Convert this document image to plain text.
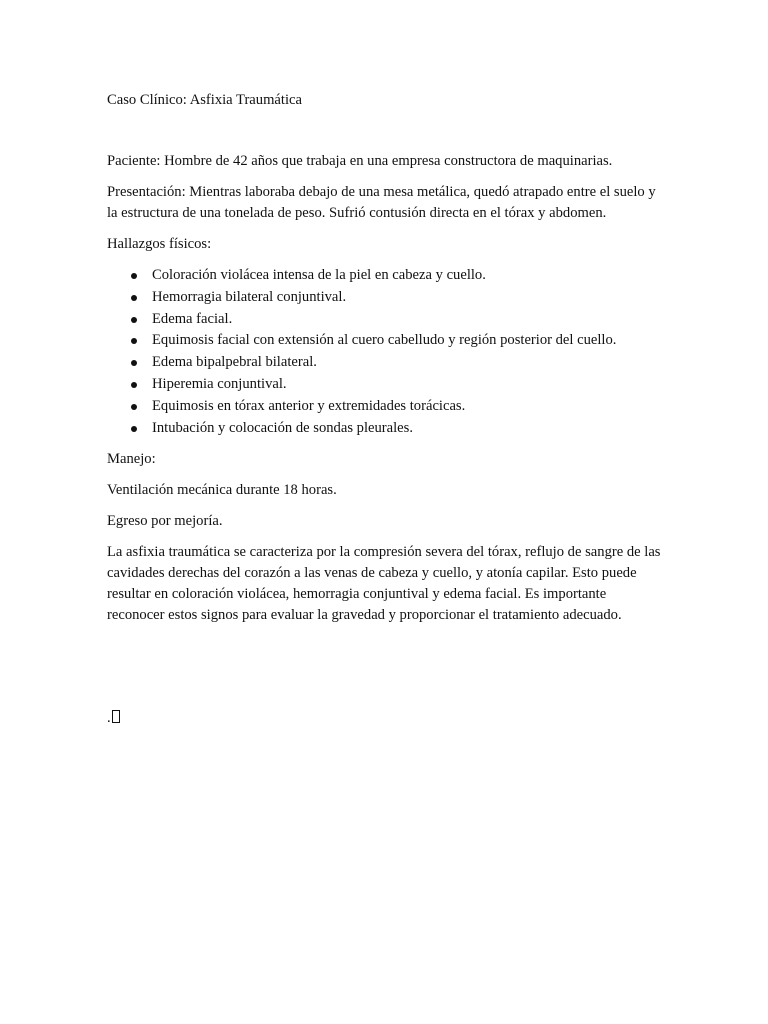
Caso Clínico: Asfixia Traumática

Paciente: Hombre de 42 años que trabaja en una empresa constructora de maquinarias.

Presentación: Mientras laboraba debajo de una mesa metálica, quedó atrapado entre el suelo y la estructura de una tonelada de peso. Sufrió contusión directa en el tórax y abdomen.

Hallazgos físicos:

Coloración violácea intensa de la piel en cabeza y cuello.
Hemorragia bilateral conjuntival.
Edema facial.
Equimosis facial con extensión al cuero cabelludo y región posterior del cuello.
Edema bipalpebral bilateral.
Hiperemia conjuntival.
Equimosis en tórax anterior y extremidades torácicas.
Intubación y colocación de sondas pleurales.

Manejo:

Ventilación mecánica durante 18 horas.

Egreso por mejoría.

La asfixia traumática se caracteriza por la compresión severa del tórax, reflujo de sangre de las cavidades derechas del corazón a las venas de cabeza y cuello, y atonía capilar. Esto puede resultar en coloración violácea, hemorragia conjuntival y edema facial. Es importante reconocer estos signos para evaluar la gravedad y proporcionar el tratamiento adecuado.

.
